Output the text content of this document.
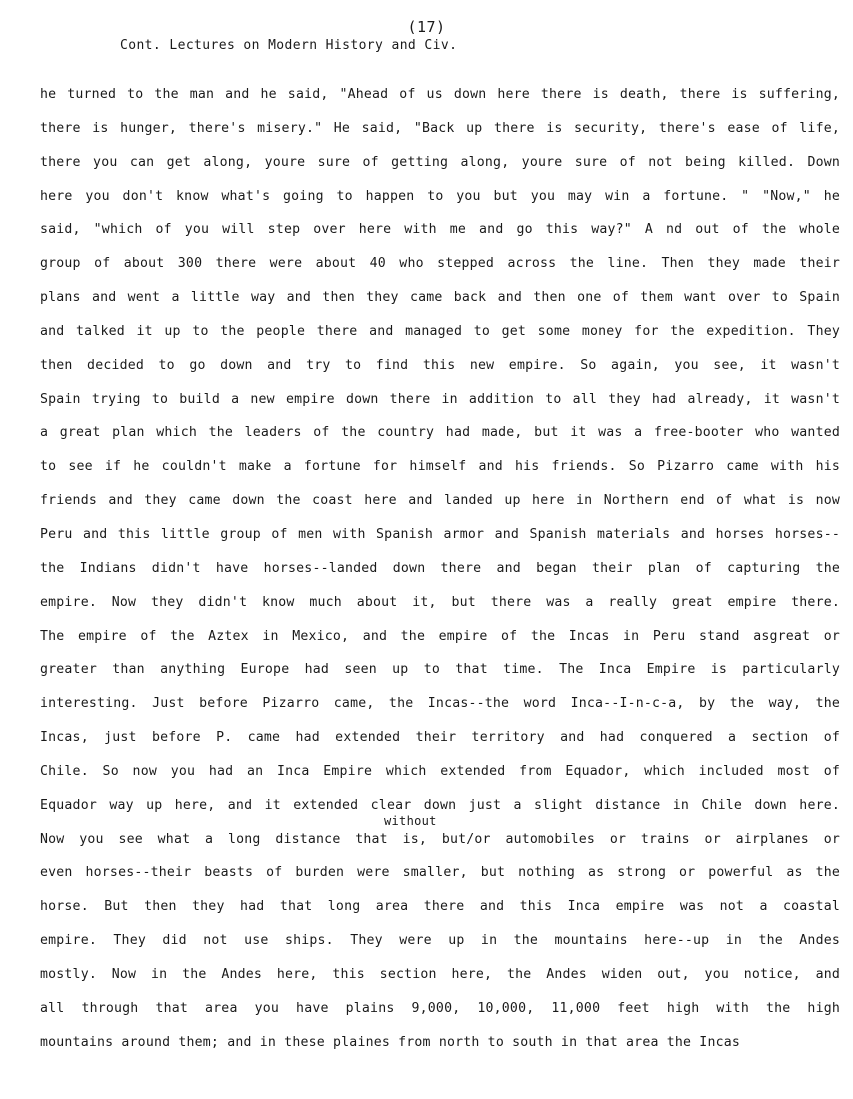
(17)
Cont. Lectures on Modern History and Civ.
without
he turned to the man and he said, "Ahead of us down here there is death, there is suffering,
there is hunger, there's misery." He said, "Back up there is security, there's ease of life,
there you can get along, youre sure of getting along, youre sure of not being killed. Down
here you don't know what's going to happen to you but you may win a fortune. " "Now," he
said, "which of you will step over here with me and go this way?" A nd out of the whole
group of about 300 there were about 40 who stepped across the line. Then they made their
plans and went a little way and then they came back and then one of them want over to Spain
and talked it up to the people there and managed to get some money for the expedition. They
then decided to go down and try to find this new empire. So again, you see, it wasn't
Spain trying to build a new empire down there in addition to all they had already, it wasn't
a great plan which the leaders of the country had made, but it was a free-booter who wanted
to see if he couldn't make a fortune for himself and his friends. So Pizarro came with his
friends and they came down the coast here and landed up here in Northern end of what is now
Peru and this little group of men with Spanish armor and Spanish materials and horses horses--
the Indians didn't have horses--landed down there and began their plan of capturing the
empire. Now they didn't know much about it, but there was a really great empire there.
The empire of the Aztex in Mexico, and the empire of the Incas in Peru stand asgreat or
greater than anything Europe had seen up to that time. The Inca Empire is particularly
interesting. Just before Pizarro came, the Incas--the word Inca--I-n-c-a, by the way, the
Incas, just before P. came had extended their territory and had conquered a section of
Chile. So now you had an Inca Empire which extended from Equador, which included most of
Equador way up here, and it extended clear down just a slight distance in Chile down here.
Now you see what a long distance that is, but/or automobiles or trains or airplanes or
even horses--their beasts of burden were smaller, but nothing as strong or powerful as the
horse. But then they had that long area there and this Inca empire was not a coastal
empire. They did not use ships. They were up in the mountains here--up in the Andes
mostly. Now in the Andes here, this section here, the Andes widen out, you notice, and
all through that area you have plains 9,000, 10,000, 11,000 feet high with the high
mountains around them; and in these plaines from north to south in that area the Incas
